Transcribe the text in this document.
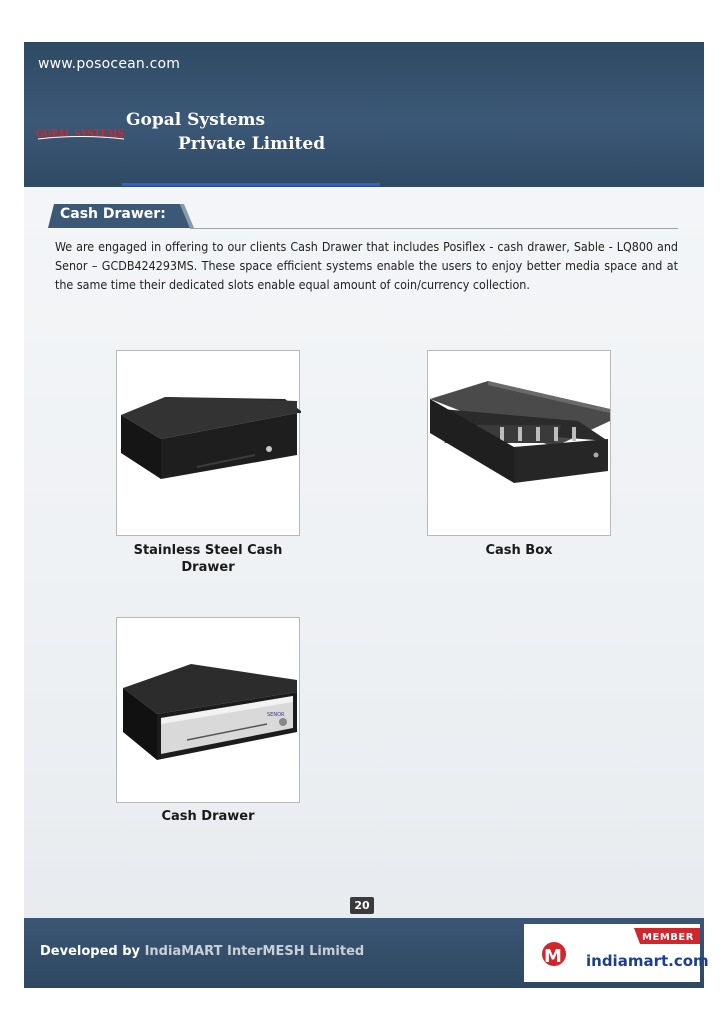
www.posocean.com
GOPAL SYSTEMS
Gopal Systems
Private Limited
Cash Drawer:
We are engaged in offering to our clients Cash Drawer that includes Posiflex - cash drawer, Sable - LQ800 and Senor – GCDB424293MS. These space efficient systems enable the users to enjoy better media space and at the same time their dedicated slots enable equal amount of coin/currency collection.
Stainless Steel Cash Drawer
Cash Box
SENOR
Cash Drawer
20
Developed by IndiaMART InterMESH Limited	M
MEMBER
indiamart.com
